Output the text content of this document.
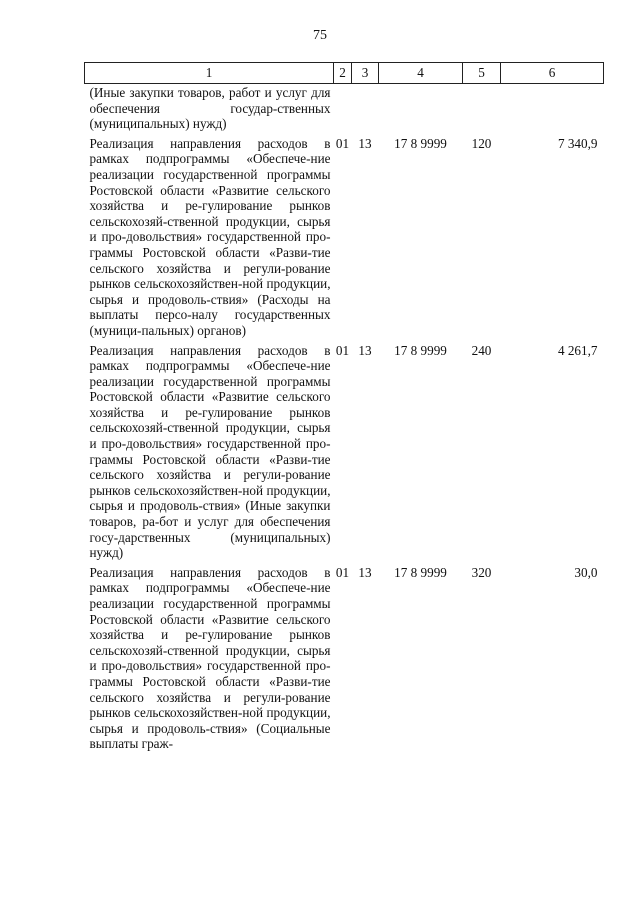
75
1	2	3	4	5	6
(Иные закупки товаров, работ и услуг для обеспечения государ-ственных (муниципальных) нужд)					
Реализация направления расходов в рамках подпрограммы «Обеспече-ние реализации государственной программы Ростовской области «Развитие сельского хозяйства и ре-гулирование рынков сельскохозяй-ственной продукции, сырья и про-довольствия» государственной про-граммы Ростовской области «Разви-тие сельского хозяйства и регули-рование рынков сельскохозяйствен-ной продукции, сырья и продоволь-ствия» (Расходы на выплаты персо-налу государственных (муници-пальных) органов)	01	13	17 8 9999	120	7 340,9
Реализация направления расходов в рамках подпрограммы «Обеспече-ние реализации государственной программы Ростовской области «Развитие сельского хозяйства и ре-гулирование рынков сельскохозяй-ственной продукции, сырья и про-довольствия» государственной про-граммы Ростовской области «Разви-тие сельского хозяйства и регули-рование рынков сельскохозяйствен-ной продукции, сырья и продоволь-ствия» (Иные закупки товаров, ра-бот и услуг для обеспечения госу-дарственных (муниципальных) нужд)	01	13	17 8 9999	240	4 261,7
Реализация направления расходов в рамках подпрограммы «Обеспече-ние реализации государственной программы Ростовской области «Развитие сельского хозяйства и ре-гулирование рынков сельскохозяй-ственной продукции, сырья и про-довольствия» государственной про-граммы Ростовской области «Разви-тие сельского хозяйства и регули-рование рынков сельскохозяйствен-ной продукции, сырья и продоволь-ствия» (Социальные выплаты граж-	01	13	17 8 9999	320	30,0
